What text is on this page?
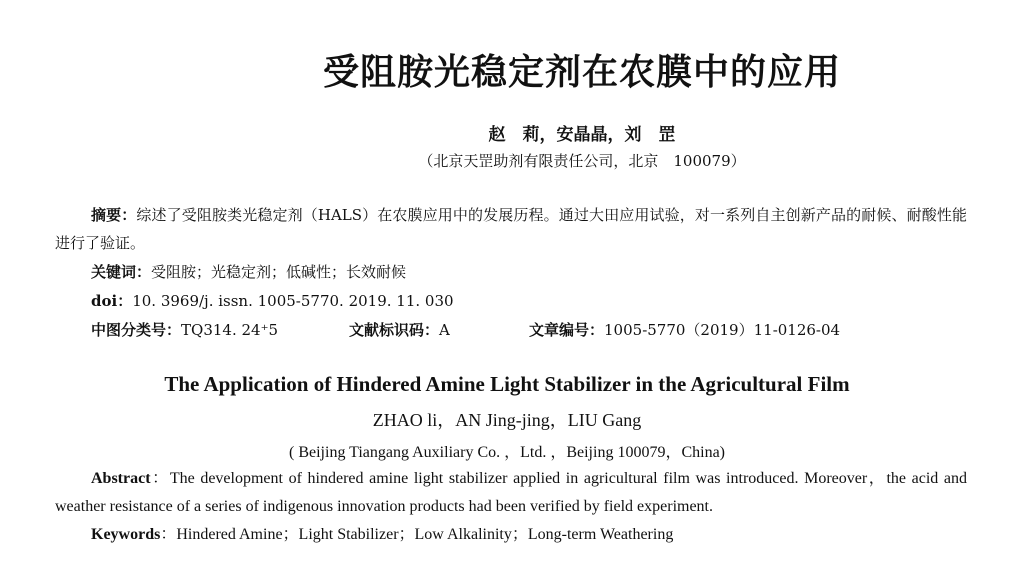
受阻胺光稳定剂在农膜中的应用
赵　莉，安晶晶，刘　罡
（北京天罡助剂有限责任公司，北京　100079）
摘要：综述了受阻胺类光稳定剂（HALS）在农膜应用中的发展历程。通过大田应用试验，对一系列自主创新产品的耐候、耐酸性能进行了验证。
关键词：受阻胺；光稳定剂；低碱性；长效耐候
doi：10. 3969/j. issn. 1005-5770. 2019. 11. 030
中图分类号：TQ314. 24⁺5	文献标识码：A	文章编号：1005-5770（2019）11-0126-04
The Application of Hindered Amine Light Stabilizer in the Agricultural Film
ZHAO li，AN Jing-jing，LIU Gang
( Beijing Tiangang Auxiliary Co. ，Ltd. ，Beijing 100079，China)
Abstract：The development of hindered amine light stabilizer applied in agricultural film was introduced. Moreover，the acid and weather resistance of a series of indigenous innovation products had been verified by field experiment.
Keywords：Hindered Amine；Light Stabilizer；Low Alkalinity；Long-term Weathering
